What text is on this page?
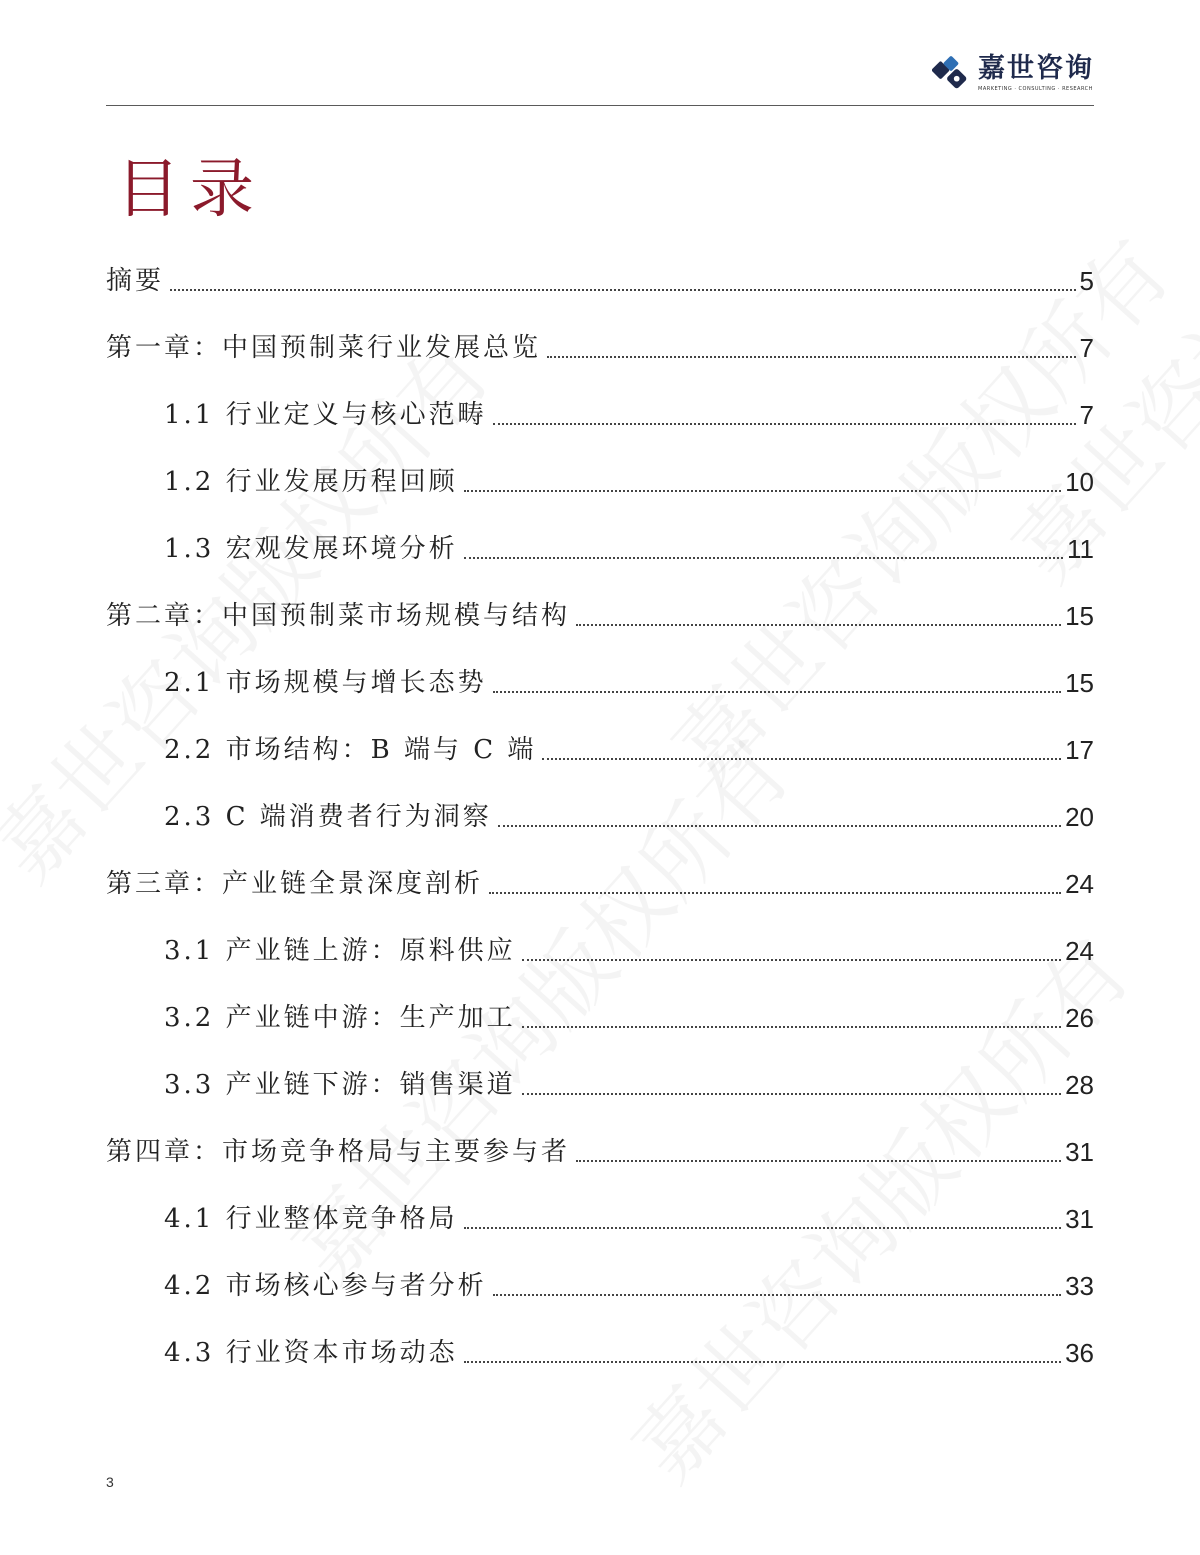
嘉世咨询
MARKETING · CONSULTING · RESEARCH
目录
摘要	5
第一章：中国预制菜行业发展总览	7
1.1 行业定义与核心范畴	7
1.2 行业发展历程回顾	10
1.3 宏观发展环境分析	11
第二章：中国预制菜市场规模与结构	15
2.1 市场规模与增长态势	15
2.2 市场结构：B 端与 C 端	17
2.3 C 端消费者行为洞察	20
第三章：产业链全景深度剖析	24
3.1 产业链上游：原料供应	24
3.2 产业链中游：生产加工	26
3.3 产业链下游：销售渠道	28
第四章：市场竞争格局与主要参与者	31
4.1 行业整体竞争格局	31
4.2 市场核心参与者分析	33
4.3 行业资本市场动态	36
3
